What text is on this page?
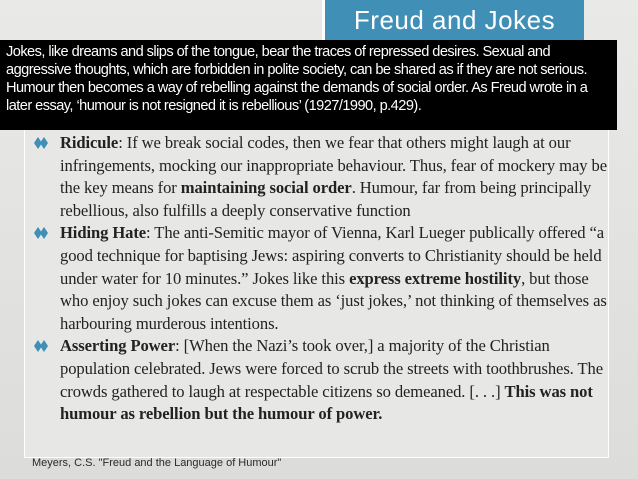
Freud and Jokes
Jokes, like dreams and slips of the tongue, bear the traces of repressed desires. Sexual and aggressive thoughts, which are forbidden in polite society, can be shared as if they are not serious. Humour then becomes a way of rebelling against the demands of social order. As Freud wrote in a later essay, ‘humour is not resigned it is rebellious’ (1927/1990, p.429).
Ridicule: If we break social codes, then we fear that others might laugh at our infringements, mocking our inappropriate behaviour. Thus, fear of mockery may be the key means for maintaining social order. Humour, far from being principally rebellious, also fulfills a deeply conservative function
Hiding Hate: The anti-Semitic mayor of Vienna, Karl Lueger publically offered “a good technique for baptising Jews: aspiring converts to Christianity should be held under water for 10 minutes.” Jokes like this express extreme hostility, but those who enjoy such jokes can excuse them as ‘just jokes,’ not thinking of themselves as harbouring murderous intentions.
Asserting Power: [When the Nazi’s took over,] a majority of the Christian population celebrated. Jews were forced to scrub the streets with toothbrushes. The crowds gathered to laugh at respectable citizens so demeaned. [. . .] This was not humour as rebellion but the humour of power.
Meyers, C.S. "Freud and the Language of Humour"
